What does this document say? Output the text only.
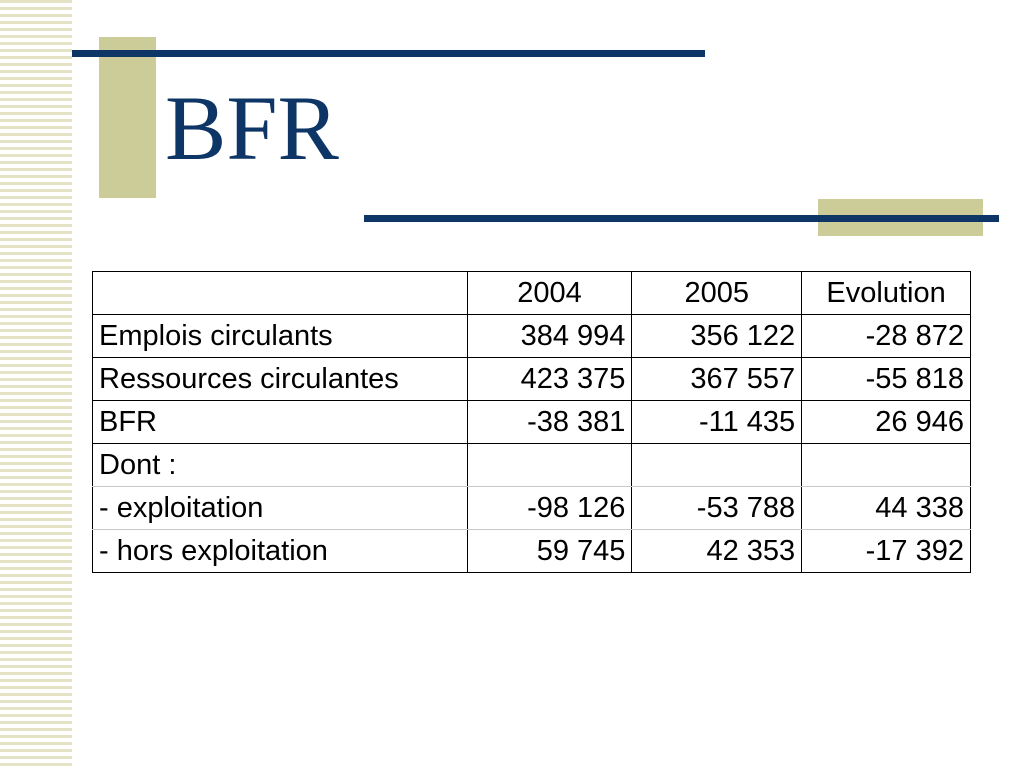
BFR
	2004	2005	Evolution
Emplois circulants	384 994	356 122	-28 872
Ressources circulantes	423 375	367 557	-55 818
BFR	-38 381	-11 435	26 946
Dont :			
- exploitation	-98 126	-53 788	44 338
- hors exploitation	59 745	42 353	-17 392
